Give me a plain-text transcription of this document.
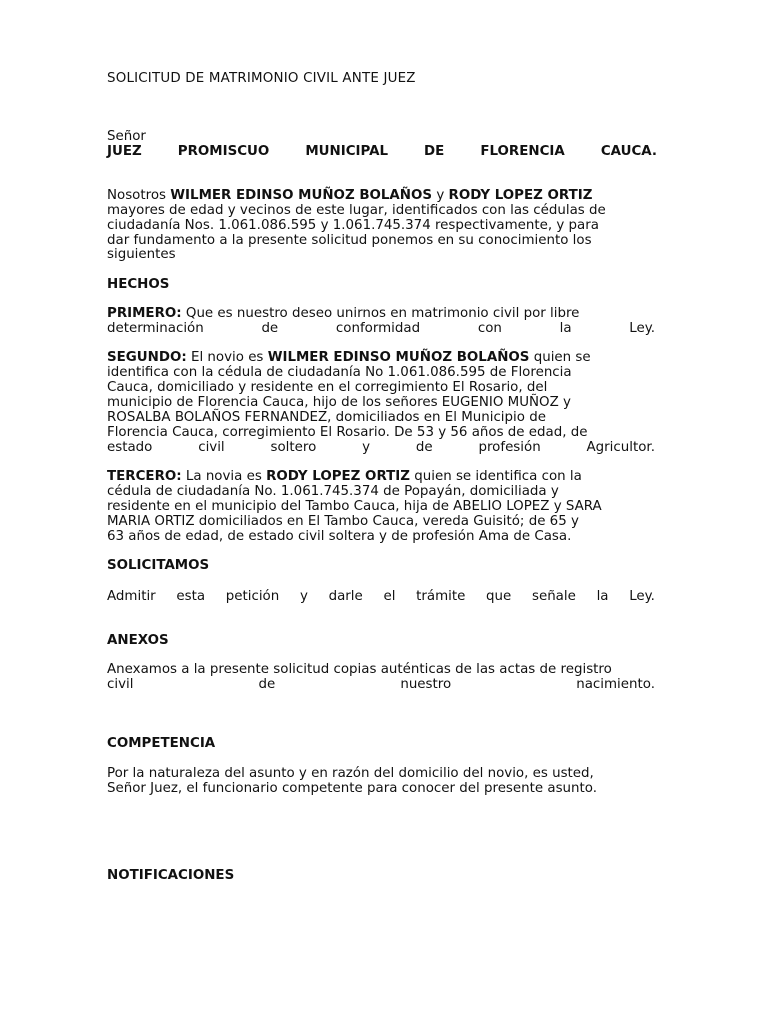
SOLICITUD DE MATRIMONIO CIVIL ANTE JUEZ
Señor
JUEZ	PROMISCUO	MUNICIPAL	DE	FLORENCIA	CAUCA.
Nosotros WILMER EDINSO MUÑOZ BOLAÑOS y RODY LOPEZ ORTIZ
mayores de edad y vecinos de este lugar, identificados con las cédulas de
ciudadanía Nos. 1.061.086.595 y 1.061.745.374 respectivamente, y para
dar fundamento a la presente solicitud ponemos en su conocimiento los
siguientes
HECHOS
PRIMERO: Que es nuestro deseo unirnos en matrimonio civil por libre
determinación	de	conformidad	con	la	Ley.
SEGUNDO: El novio es WILMER EDINSO MUÑOZ BOLAÑOS quien se
identifica con la cédula de ciudadanía No 1.061.086.595 de Florencia
Cauca, domiciliado y residente en el corregimiento El Rosario, del
municipio de Florencia Cauca, hijo de los señores EUGENIO MUÑOZ y
ROSALBA BOLAÑOS FERNANDEZ, domiciliados en El Municipio de
Florencia Cauca, corregimiento El Rosario. De 53 y 56 años de edad, de
estado	civil	soltero	y	de	profesión	Agricultor.
TERCERO: La novia es RODY LOPEZ ORTIZ quien se identifica con la
cédula de ciudadanía No. 1.061.745.374 de Popayán, domiciliada y
residente en el municipio del Tambo Cauca, hija de ABELIO LOPEZ y SARA
MARIA ORTIZ domiciliados en El Tambo Cauca, vereda Guisitó; de 65 y
63 años de edad, de estado civil soltera y de profesión Ama de Casa.
SOLICITAMOS
Admitir esta petición y darle el trámite que señale la Ley.
ANEXOS
Anexamos a la presente solicitud copias auténticas de las actas de registro
civil	de	nuestro	nacimiento.
COMPETENCIA
Por la naturaleza del asunto y en razón del domicilio del novio, es usted,
Señor Juez, el funcionario competente para conocer del presente asunto.
NOTIFICACIONES
